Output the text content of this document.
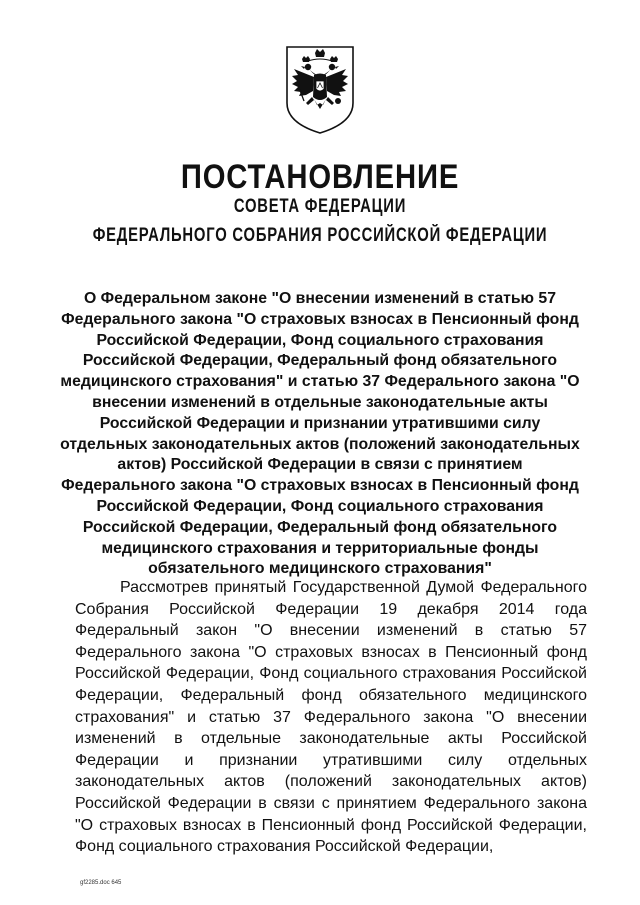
ПОСТАНОВЛЕНИЕ
СОВЕТА ФЕДЕРАЦИИ
ФЕДЕРАЛЬНОГО СОБРАНИЯ РОССИЙСКОЙ ФЕДЕРАЦИИ

О Федеральном законе "О внесении изменений в статью 57 Федерального закона "О страховых взносах в Пенсионный фонд Российской Федерации, Фонд социального страхования Российской Федерации, Федеральный фонд обязательного медицинского страхования" и статью 37 Федерального закона "О внесении изменений в отдельные законодательные акты Российской Федерации и признании утратившими силу отдельных законодательных актов (положений законодательных актов) Российской Федерации в связи с принятием Федерального закона "О страховых взносах в Пенсионный фонд Российской Федерации, Фонд социального страхования Российской Федерации, Федеральный фонд обязательного медицинского страхования и территориальные фонды обязательного медицинского страхования"

Рассмотрев принятый Государственной Думой Федерального Собрания Российской Федерации 19 декабря 2014 года Федеральный закон "О внесении изменений в статью 57 Федерального закона "О страховых взносах в Пенсионный фонд Российской Федерации, Фонд социального страхования Российской Федерации, Федеральный фонд обязательного медицинского страхования" и статью 37 Федерального закона "О внесении изменений в отдельные законодательные акты Российской Федерации и признании утратившими силу отдельных законодательных актов (положений законодательных актов) Российской Федерации в связи с принятием Федерального закона "О страховых взносах в Пенсионный фонд Российской Федерации, Фонд социального страхования Российской Федерации,

gf2285.doc 645
